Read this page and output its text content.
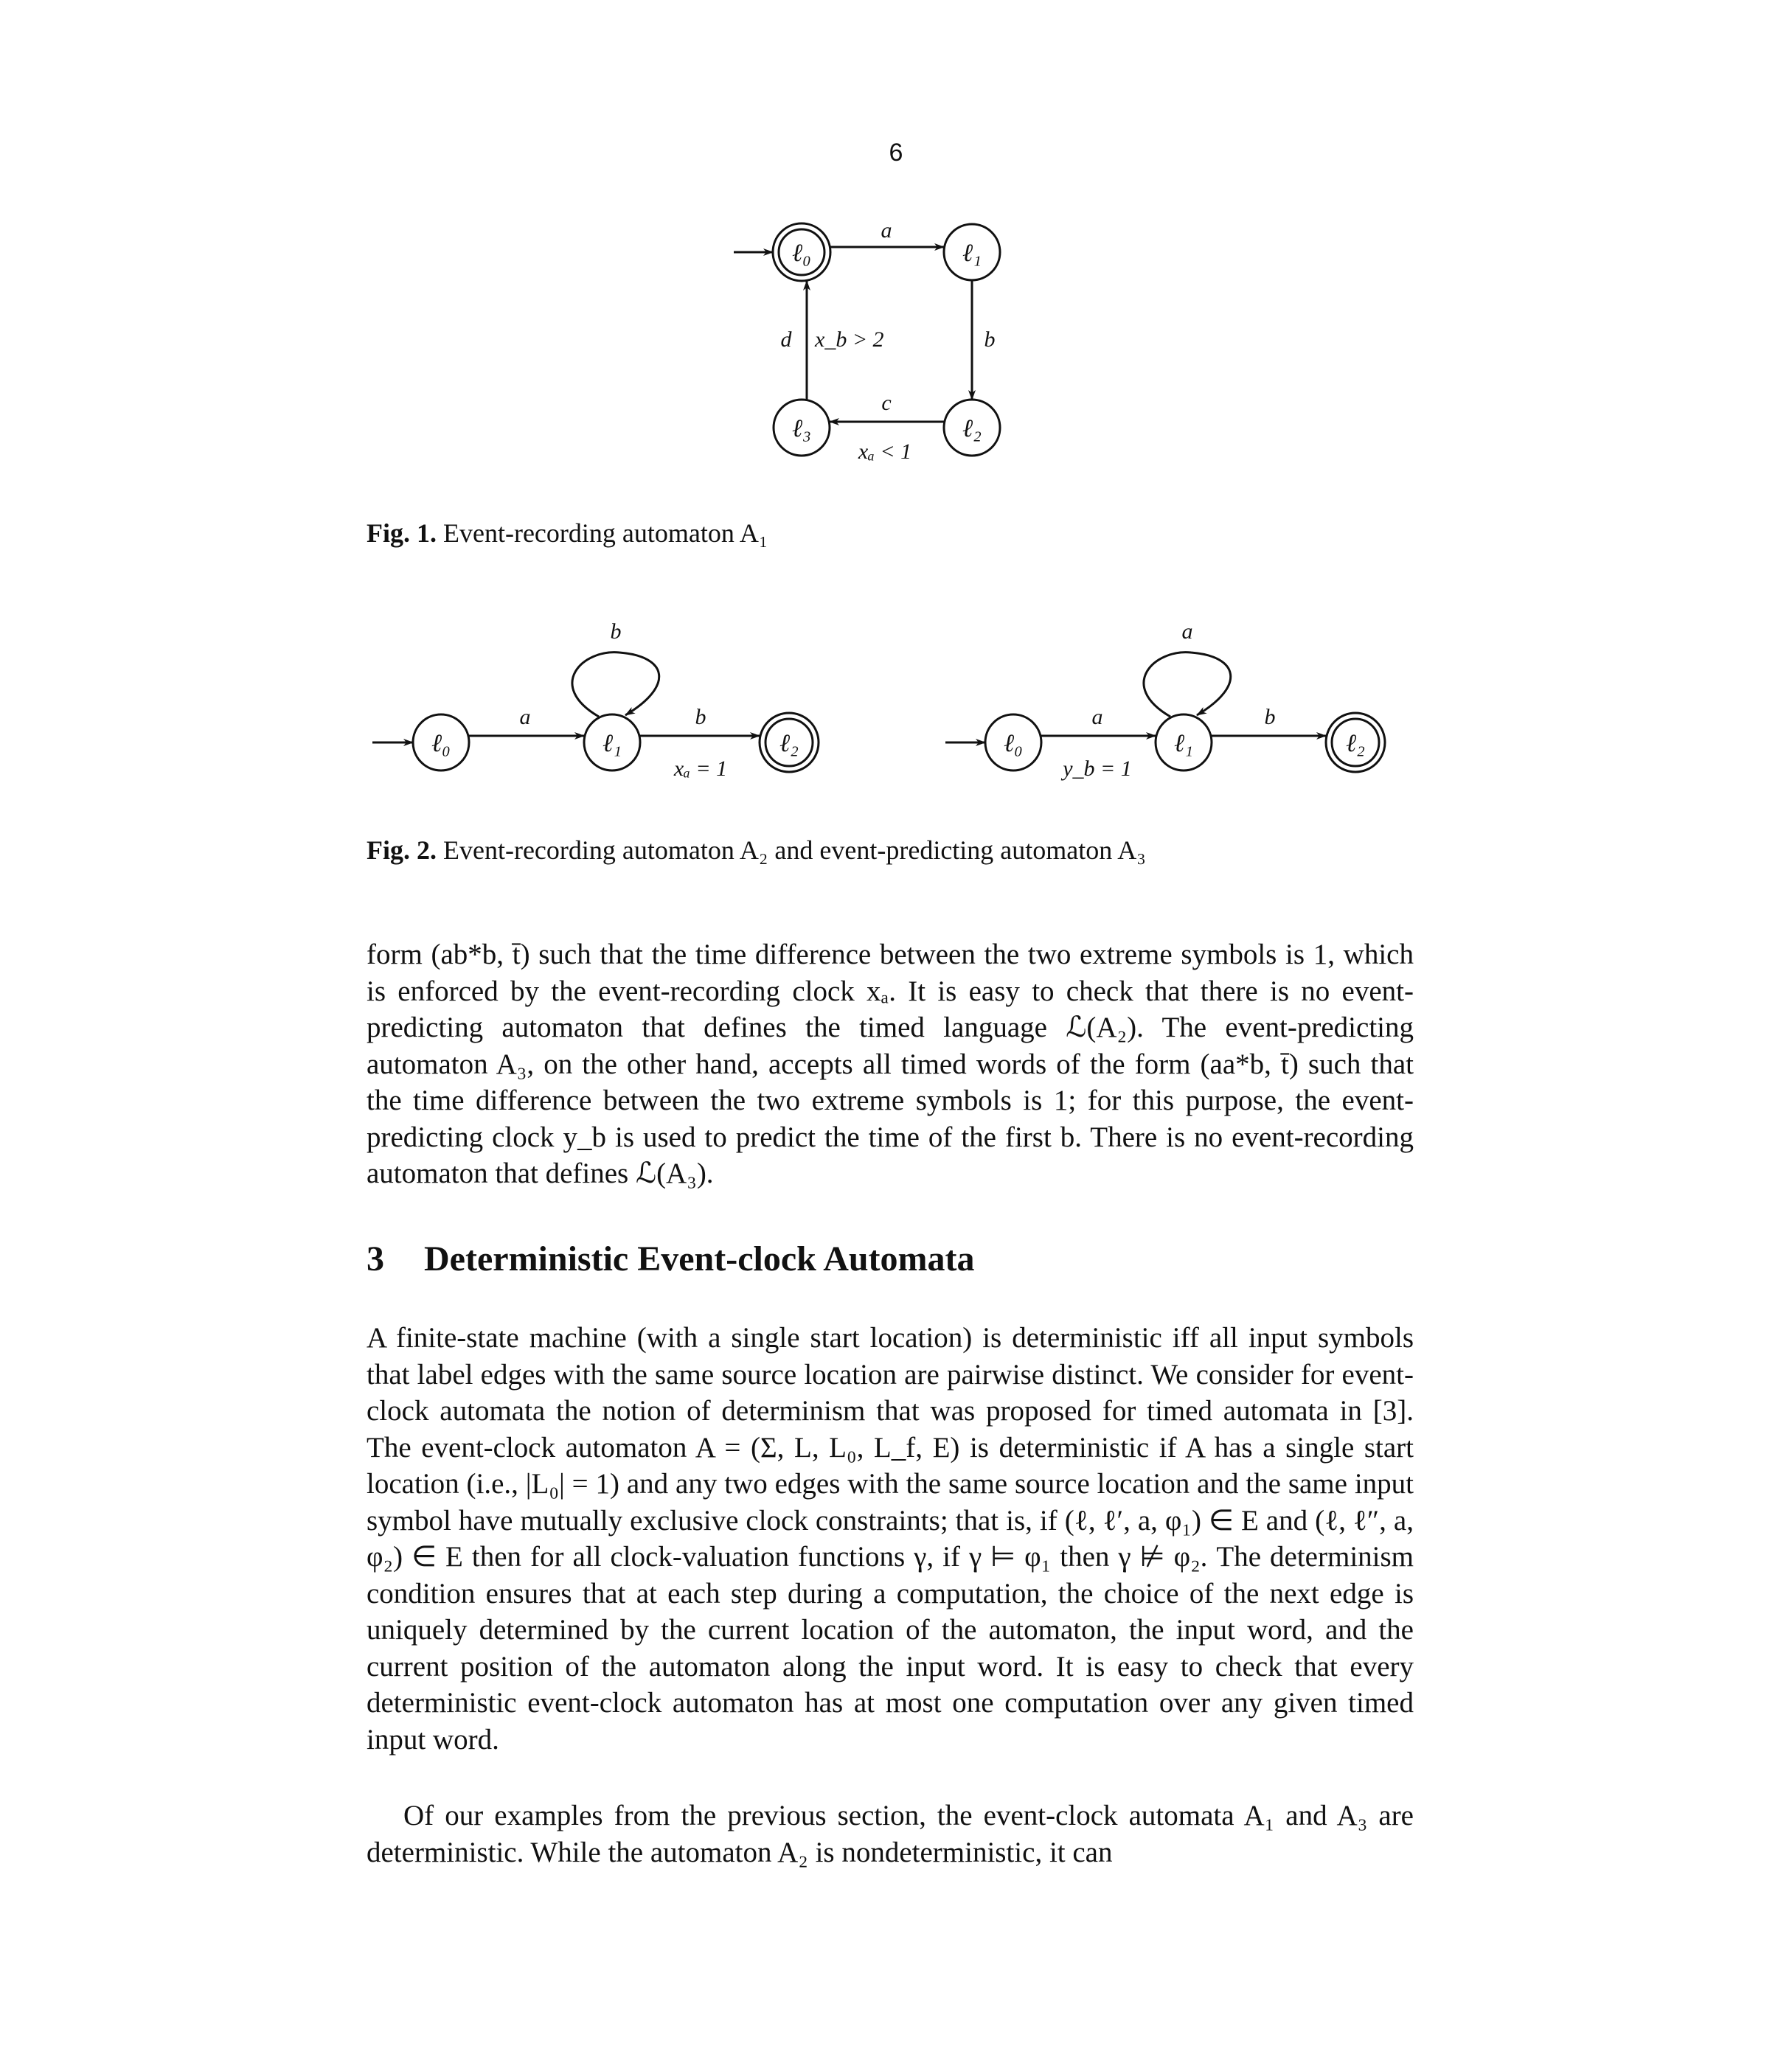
6
ℓ₀	ℓ₁
ℓ₂
ℓ₃
a
b
c
d x_b > 2
xₐ < 1
Fig. 1. Event-recording automaton A₁
ℓ₀	ℓ₁	ℓ₂
a	b
b
xₐ = 1
ℓ₀	ℓ₁	ℓ₂
a	b
a
y_b = 1
Fig. 2. Event-recording automaton A₂ and event-predicting automaton A₃
form (ab*b, t̄) such that the time difference between the two extreme symbols is 1, which is enforced by the event-recording clock xₐ. It is easy to check that there is no event-predicting automaton that defines the timed language ℒ(A₂). The event-predicting automaton A₃, on the other hand, accepts all timed words of the form (aa*b, t̄) such that the time difference between the two extreme symbols is 1; for this purpose, the event-predicting clock y_b is used to predict the time of the first b. There is no event-recording automaton that defines ℒ(A₃).
3 Deterministic Event-clock Automata
A finite-state machine (with a single start location) is deterministic iff all input symbols that label edges with the same source location are pairwise distinct. We consider for event-clock automata the notion of determinism that was proposed for timed automata in [3]. The event-clock automaton A = (Σ, L, L₀, L_f, E) is deterministic if A has a single start location (i.e., |L₀| = 1) and any two edges with the same source location and the same input symbol have mutually exclusive clock constraints; that is, if (ℓ, ℓ′, a, φ₁) ∈ E and (ℓ, ℓ″, a, φ₂) ∈ E then for all clock-valuation functions γ, if γ ⊨ φ₁ then γ ⊭ φ₂. The determinism condition ensures that at each step during a computation, the choice of the next edge is uniquely determined by the current location of the automaton, the input word, and the current position of the automaton along the input word. It is easy to check that every deterministic event-clock automaton has at most one computation over any given timed input word.
Of our examples from the previous section, the event-clock automata A₁ and A₃ are deterministic. While the automaton A₂ is nondeterministic, it can
